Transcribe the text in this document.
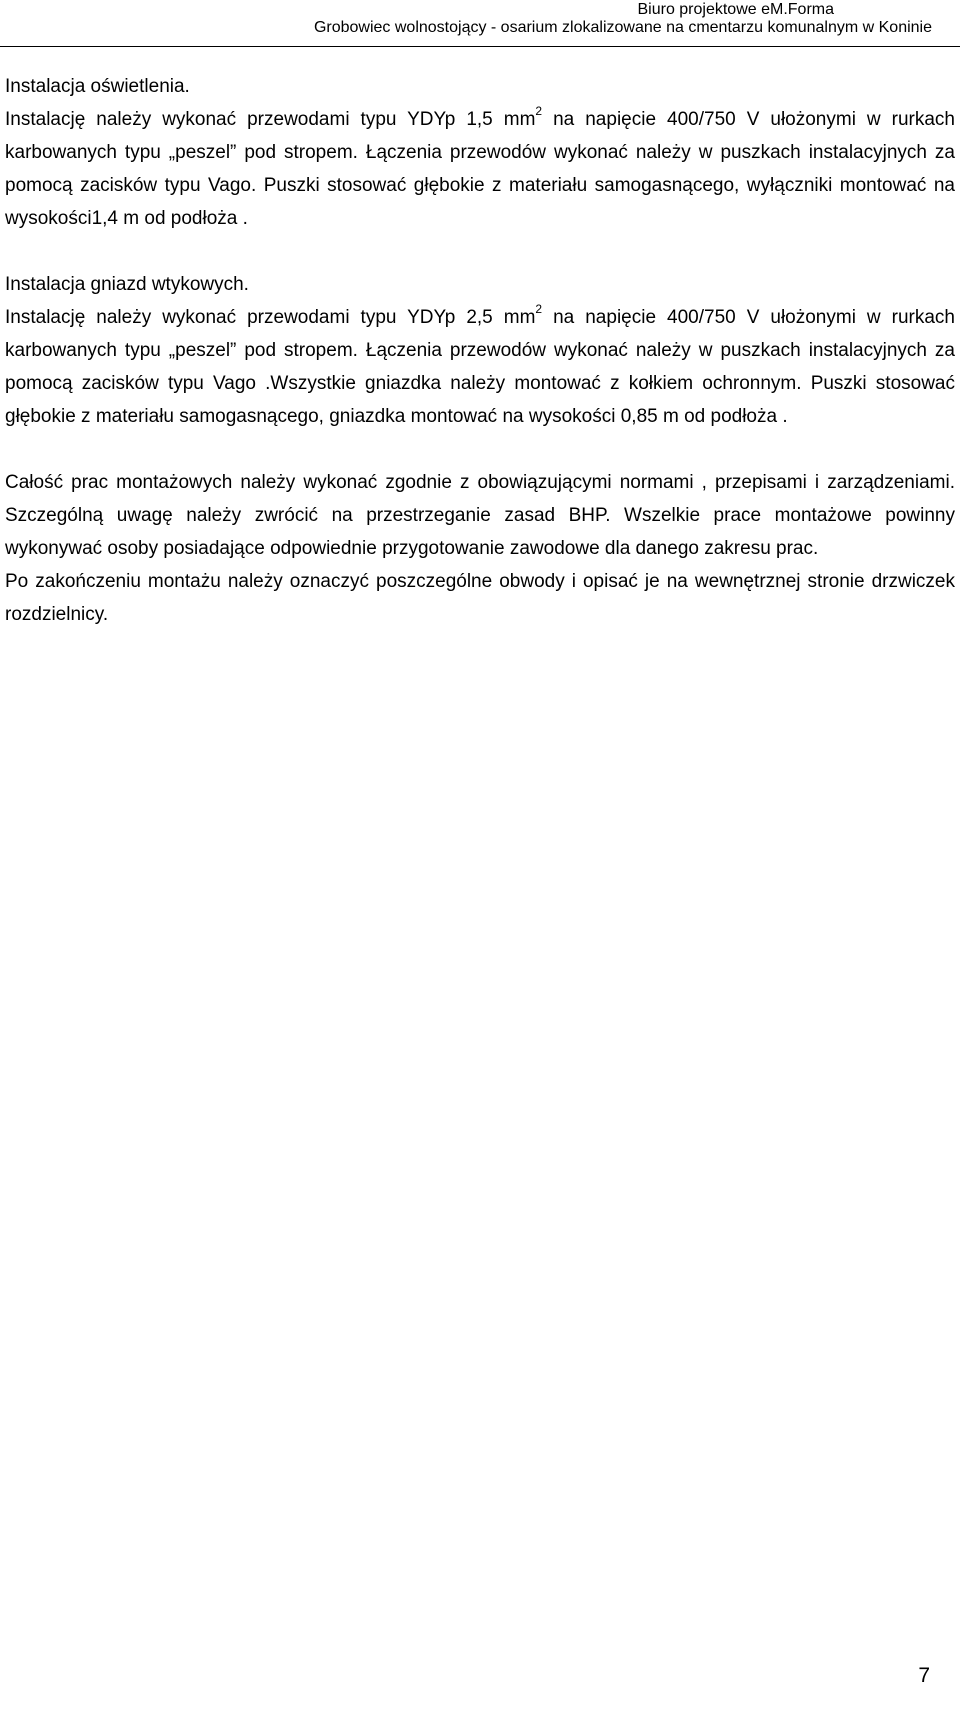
Biuro projektowe eM.Forma
Grobowiec wolnostojący - osarium zlokalizowane na cmentarzu komunalnym w Koninie

Instalacja oświetlenia.

Instalację należy wykonać przewodami typu YDYp 1,5 $mm^2$ na napięcie 400/750 V ułożonymi w rurkach karbowanych typu „peszel” pod stropem. Łączenia przewodów wykonać należy w puszkach instalacyjnych za pomocą zacisków typu Vago. Puszki stosować głębokie z materiału samogasnącego, wyłączniki montować na wysokości1,4 m od podłoża .

Instalacja gniazd wtykowych.

Instalację należy wykonać przewodami typu YDYp 2,5 $mm^2$ na napięcie 400/750 V ułożonymi w rurkach karbowanych typu „peszel” pod stropem. Łączenia przewodów wykonać należy w puszkach instalacyjnych za pomocą zacisków typu Vago .Wszystkie gniazdka należy montować z kołkiem ochronnym. Puszki stosować głębokie z materiału samogasnącego, gniazdka montować na wysokości 0,85 m od podłoża .

Całość prac montażowych należy wykonać zgodnie z obowiązującymi normami , przepisami i zarządzeniami. Szczególną uwagę należy zwrócić na przestrzeganie zasad BHP. Wszelkie prace montażowe powinny wykonywać osoby posiadające odpowiednie przygotowanie zawodowe dla danego zakresu prac.

Po zakończeniu montażu należy oznaczyć poszczególne obwody i opisać je na wewnętrznej stronie drzwiczek rozdzielnicy.

7
